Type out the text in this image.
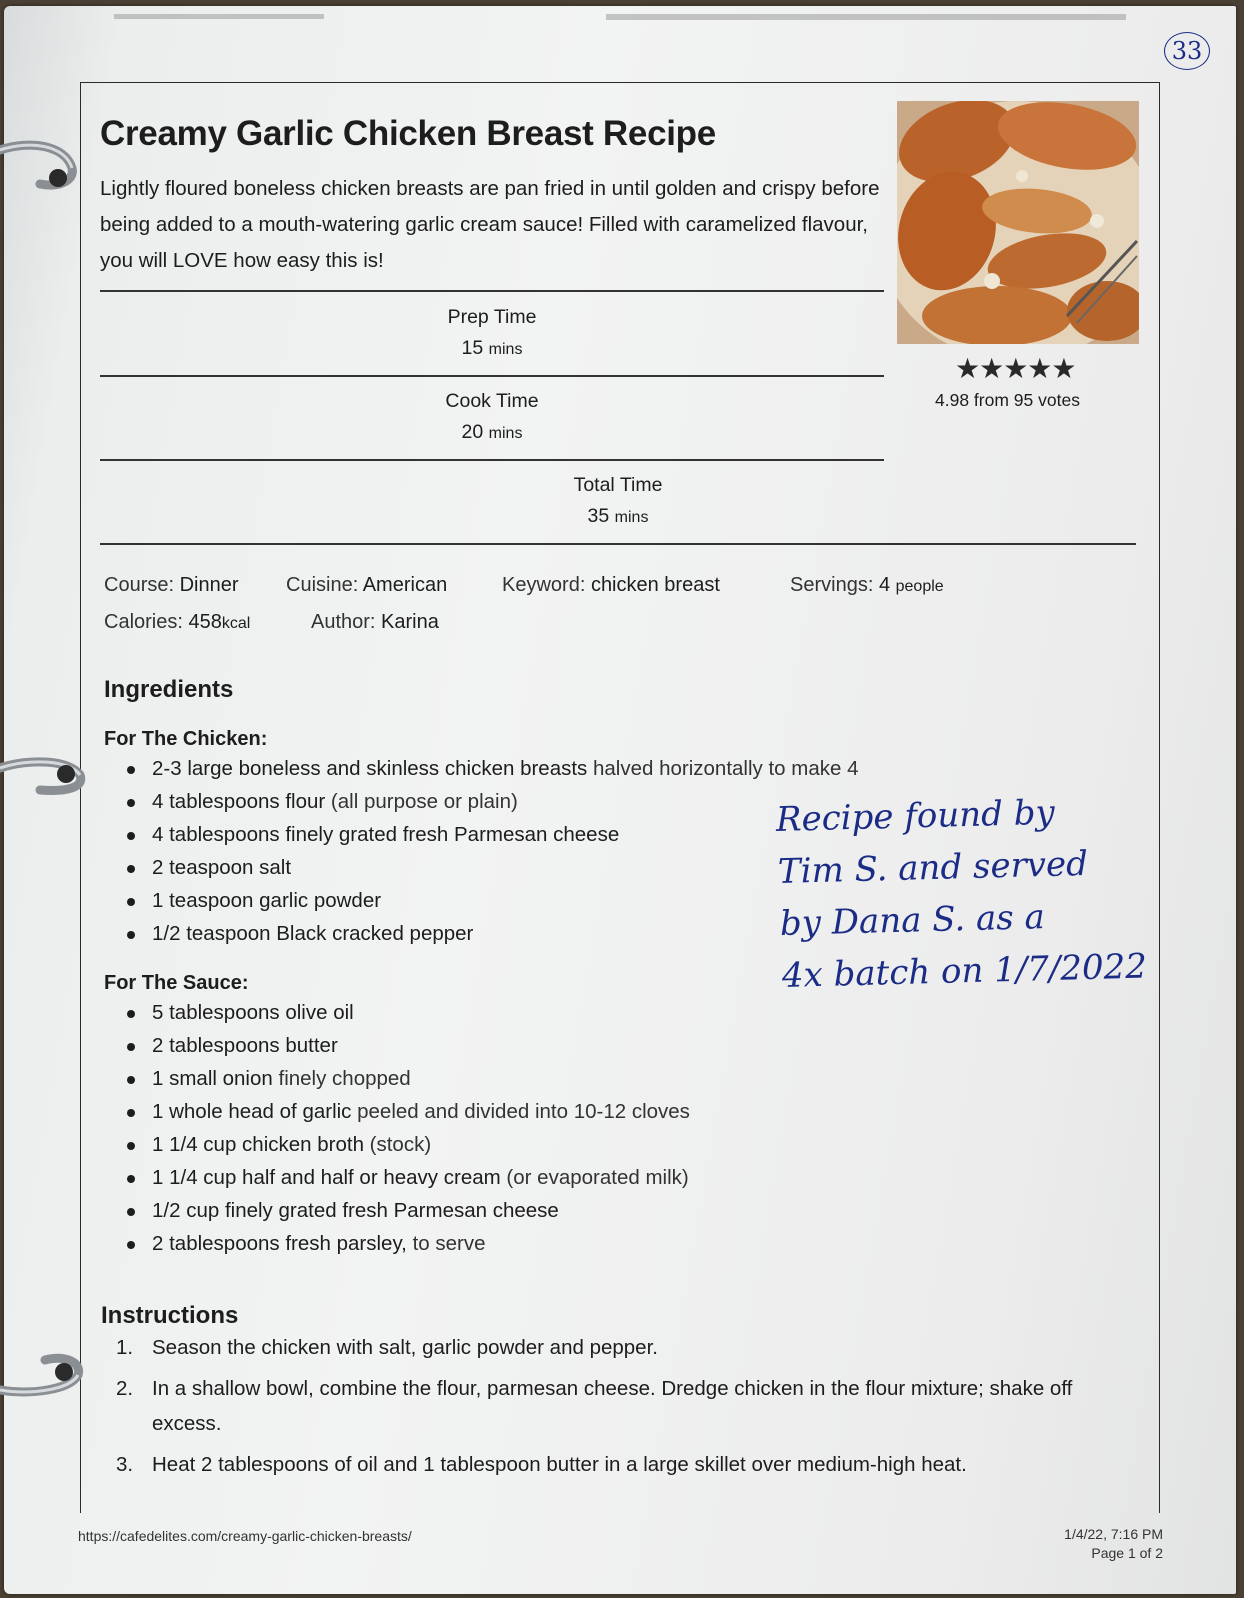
33
Creamy Garlic Chicken Breast Recipe

Lightly floured boneless chicken breasts are pan fried in until golden and crispy before being added to a mouth-watering garlic cream sauce! Filled with caramelized flavour, you will LOVE how easy this is!

★★★★★
4.98 from 95 votes
Prep Time
15 mins
Cook Time
20 mins
Total Time
35 mins
Course: Dinner Cuisine: American	Keyword: chicken breast	Servings: 4 people
Calories: 458kcal	Author: Karina
Ingredients
For The Chicken:
2-3 large boneless and skinless chicken breasts halved horizontally to make 4
4 tablespoons flour (all purpose or plain)
4 tablespoons finely grated fresh Parmesan cheese
2 teaspoon salt
1 teaspoon garlic powder
1/2 teaspoon Black cracked pepper
For The Sauce:
5 tablespoons olive oil
2 tablespoons butter
1 small onion finely chopped
1 whole head of garlic peeled and divided into 10-12 cloves
1 1/4 cup chicken broth (stock)
1 1/4 cup half and half or heavy cream (or evaporated milk)
1/2 cup finely grated fresh Parmesan cheese
2 tablespoons fresh parsley, to serve
Instructions
1. Season the chicken with salt, garlic powder and pepper.
2. In a shallow bowl, combine the flour, parmesan cheese. Dredge chicken in the flour mixture; shake off excess.
3. Heat 2 tablespoons of oil and 1 tablespoon butter in a large skillet over medium-high heat.
Recipe found by
Tim S. and served
by Dana S. as a
4x batch on 1/7/2022
https://cafedelites.com/creamy-garlic-chicken-breasts/	1/4/22, 7:16 PM
Page 1 of 2
